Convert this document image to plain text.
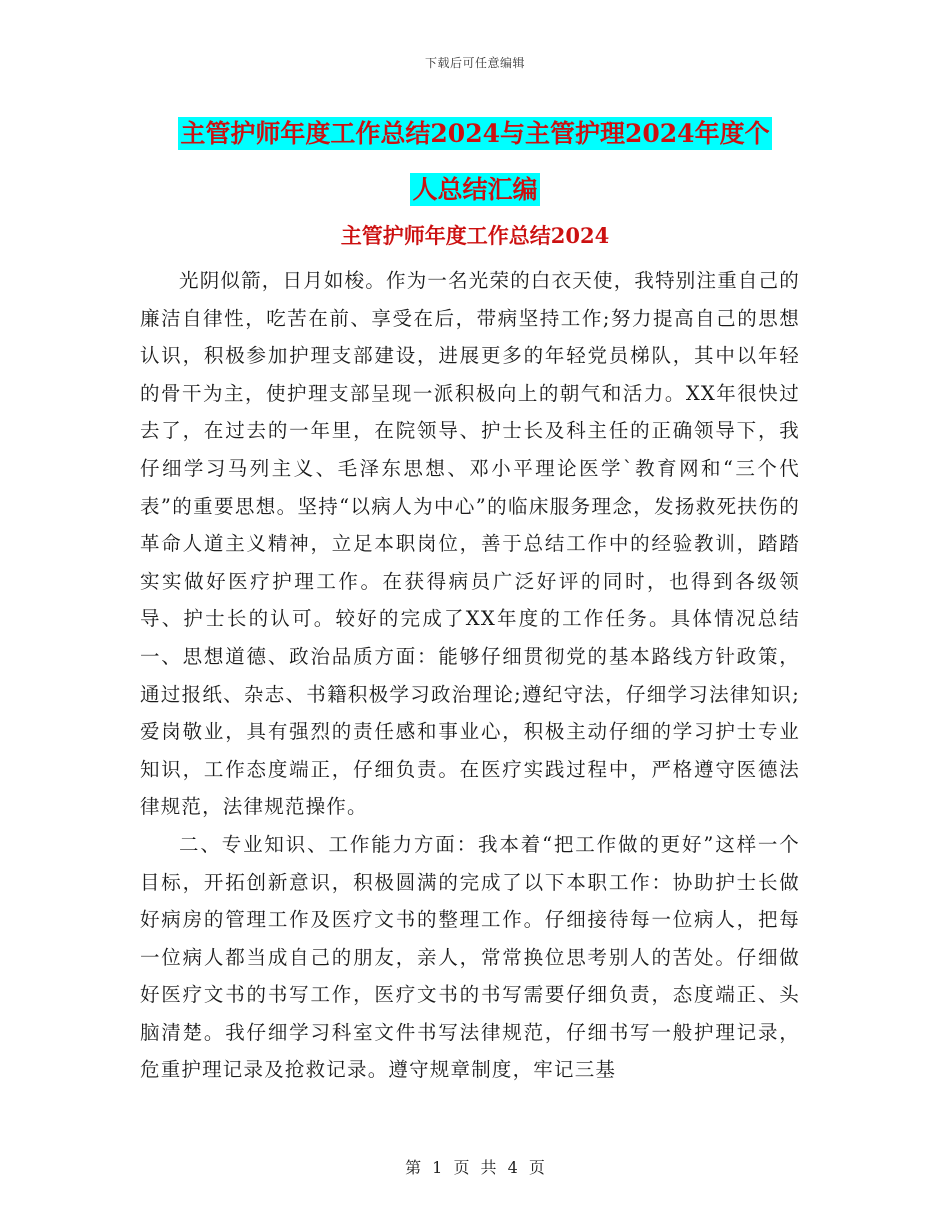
下载后可任意编辑
主管护师年度工作总结2024与主管护理2024年度个
人总结汇编
主管护师年度工作总结2024

光阴似箭，日月如梭。作为一名光荣的白衣天使，我特别注重自己的廉洁自律性，吃苦在前、享受在后，带病坚持工作;努力提高自己的思想认识，积极参加护理支部建设，进展更多的年轻党员梯队，其中以年轻的骨干为主，使护理支部呈现一派积极向上的朝气和活力。XX年很快过去了，在过去的一年里，在院领导、护士长及科主任的正确领导下，我仔细学习马列主义、毛泽东思想、邓小平理论医学`教育网和“三个代表”的重要思想。坚持“以病人为中心”的临床服务理念，发扬救死扶伤的革命人道主义精神，立足本职岗位，善于总结工作中的经验教训，踏踏实实做好医疗护理工作。在获得病员广泛好评的同时，也得到各级领导、护士长的认可。较好的完成了XX年度的工作任务。具体情况总结一、思想道德、政治品质方面：能够仔细贯彻党的基本路线方针政策，通过报纸、杂志、书籍积极学习政治理论;遵纪守法，仔细学习法律知识;爱岗敬业，具有强烈的责任感和事业心，积极主动仔细的学习护士专业知识，工作态度端正，仔细负责。在医疗实践过程中，严格遵守医德法律规范，法律规范操作。

二、专业知识、工作能力方面：我本着“把工作做的更好”这样一个目标，开拓创新意识，积极圆满的完成了以下本职工作：协助护士长做好病房的管理工作及医疗文书的整理工作。仔细接待每一位病人，把每一位病人都当成自己的朋友，亲人，常常换位思考别人的苦处。仔细做好医疗文书的书写工作，医疗文书的书写需要仔细负责，态度端正、头脑清楚。我仔细学习科室文件书写法律规范，仔细书写一般护理记录，危重护理记录及抢救记录。遵守规章制度，牢记三基

第 1 页 共 4 页
